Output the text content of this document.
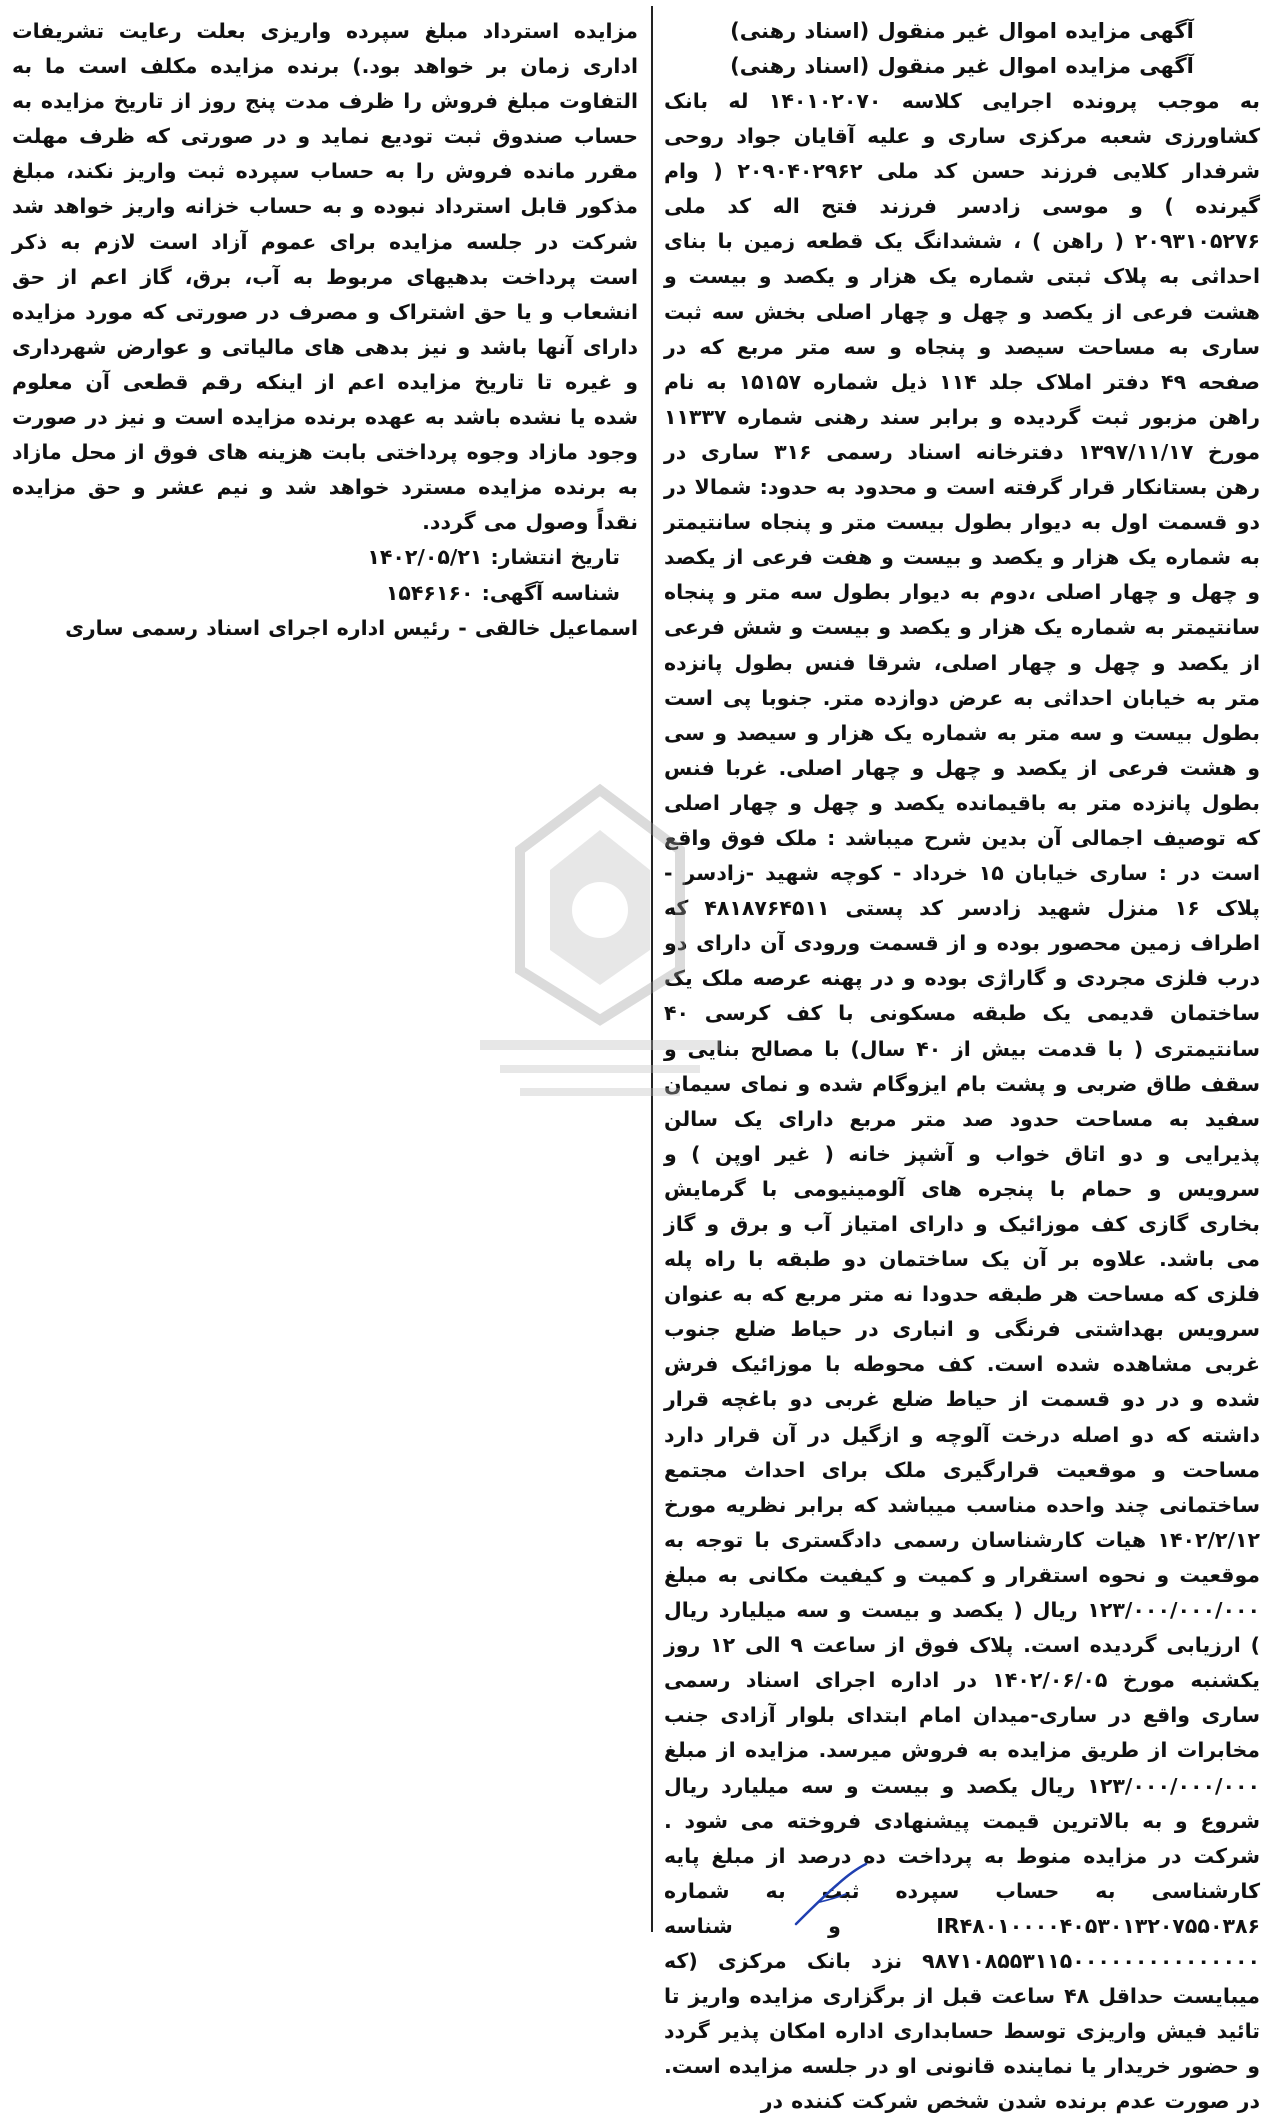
آگهی مزایده اموال غیر منقول (اسناد رهنی)
آگهی مزایده اموال غیر منقول (اسناد رهنی)
به موجب پرونده اجرایی کلاسه ۱۴۰۱۰۲۰۷۰ له بانک کشاورزی شعبه مرکزی ساری و علیه آقایان جواد روحی شرفدار کلایی فرزند حسن کد ملی ۲۰۹۰۴۰۲۹۶۲ ( وام گیرنده ) و موسی زادسر فرزند فتح اله کد ملی ۲۰۹۳۱۰۵۲۷۶ ( راهن ) ، ششدانگ یک قطعه زمین با بنای احداثی به پلاک ثبتی شماره یک هزار و یکصد و بیست و هشت فرعی از یکصد و چهل و چهار اصلی بخش سه ثبت ساری به مساحت سیصد و پنجاه و سه متر مربع که در صفحه ۴۹ دفتر املاک جلد ۱۱۴ ذیل شماره ۱۵۱۵۷ به نام راهن مزبور ثبت گردیده و برابر سند رهنی شماره ۱۱۳۳۷ مورخ ۱۳۹۷/۱۱/۱۷ دفترخانه اسناد رسمی ۳۱۶ ساری در رهن بستانکار قرار گرفته است و محدود به حدود: شمالا در دو قسمت اول به دیوار بطول بیست متر و پنجاه سانتیمتر به شماره یک هزار و یکصد و بیست و هفت فرعی از یکصد و چهل و چهار اصلی ،دوم به دیوار بطول سه متر و پنجاه سانتیمتر به شماره یک هزار و یکصد و بیست و شش فرعی از یکصد و چهل و چهار اصلی، شرقا فنس بطول پانزده متر به خیابان احداثی به عرض دوازده متر. جنوبا پی است بطول بیست و سه متر به شماره یک هزار و سیصد و سی و هشت فرعی از یکصد و چهل و چهار اصلی. غربا فنس بطول پانزده متر به باقیمانده یکصد و چهل و چهار اصلی که توصیف اجمالی آن بدین شرح میباشد : ملک فوق واقع است در : ساری خیابان ۱۵ خرداد - کوچه شهید -زادسر - پلاک ۱۶ منزل شهید زادسر کد پستی ۴۸۱۸۷۶۴۵۱۱ که اطراف زمین محصور بوده و از قسمت ورودی آن دارای دو درب فلزی مجردی و گاراژی بوده و در پهنه عرصه ملک یک ساختمان قدیمی یک طبقه مسکونی با کف کرسی ۴۰ سانتیمتری ( با قدمت بیش از ۴۰ سال) با مصالح بنایی و سقف طاق ضربی و پشت بام ایزوگام شده و نمای سیمان سفید به مساحت حدود صد متر مربع دارای یک سالن پذیرایی و دو اتاق خواب و آشپز خانه ( غیر اوپن ) و سرویس و حمام با پنجره های آلومینیومی با گرمایش بخاری گازی کف موزائیک و دارای امتیاز آب و برق و گاز می باشد. علاوه بر آن یک ساختمان دو طبقه با راه پله فلزی که مساحت هر طبقه حدودا نه متر مربع که به عنوان سرویس بهداشتی فرنگی و انباری در حیاط ضلع جنوب غربی مشاهده شده است. کف محوطه با موزائیک فرش شده و در دو قسمت از حیاط ضلع غربی دو باغچه قرار داشته که دو اصله درخت آلوچه و ازگیل در آن قرار دارد مساحت و موقعیت قرارگیری ملک برای احداث مجتمع ساختمانی چند واحده مناسب میباشد که برابر نظریه مورخ ۱۴۰۲/۲/۱۲ هیات کارشناسان رسمی دادگستری با توجه به موقعیت و نحوه استقرار و کمیت و کیفیت مکانی به مبلغ ۱۲۳/۰۰۰/۰۰۰/۰۰۰ ریال ( یکصد و بیست و سه میلیارد ریال ) ارزیابی گردیده است. پلاک فوق از ساعت ۹ الی ۱۲ روز یکشنبه مورخ ۱۴۰۲/۰۶/۰۵ در اداره اجرای اسناد رسمی ساری واقع در ساری-میدان امام ابتدای بلوار آزادی جنب مخابرات از طریق مزایده به فروش میرسد. مزایده از مبلغ ۱۲۳/۰۰۰/۰۰۰/۰۰۰ ریال یکصد و بیست و سه میلیارد ریال شروع و به بالاترین قیمت پیشنهادی فروخته می شود . شرکت در مزایده منوط به پرداخت ده درصد از مبلغ پایه کارشناسی به حساب سپرده ثبت به شماره IR۴۸۰۱۰۰۰۰۴۰۵۳۰۱۳۲۰۷۵۵۰۳۸۶ و شناسه ۹۸۷۱۰۸۵۵۳۱۱۵۰۰۰۰۰۰۰۰۰۰۰۰۰۰۰ نزد بانک مرکزی (که میبایست حداقل ۴۸ ساعت قبل از برگزاری مزایده واریز تا تائید فیش واریزی توسط حسابداری اداره امکان پذیر گردد و حضور خریدار یا نماینده قانونی او در جلسه مزایده است. در صورت عدم برنده شدن شخص شرکت کننده در
مزایده استرداد مبلغ سپرده واریزی بعلت رعایت تشریفات اداری زمان بر خواهد بود.) برنده مزایده مکلف است ما به التفاوت مبلغ فروش را ظرف مدت پنج روز از تاریخ مزایده به حساب صندوق ثبت تودیع نماید و در صورتی که ظرف مهلت مقرر مانده فروش را به حساب سپرده ثبت واریز نکند، مبلغ مذکور قابل استرداد نبوده و به حساب خزانه واریز خواهد شد شرکت در جلسه مزایده برای عموم آزاد است لازم به ذکر است پرداخت بدهیهای مربوط به آب، برق، گاز اعم از حق انشعاب و یا حق اشتراک و مصرف در صورتی که مورد مزایده دارای آنها باشد و نیز بدهی های مالیاتی و عوارض شهرداری و غیره تا تاریخ مزایده اعم از اینکه رقم قطعی آن معلوم شده یا نشده باشد به عهده برنده مزایده است و نیز در صورت وجود مازاد وجوه پرداختی بابت هزینه های فوق از محل مازاد به برنده مزایده مسترد خواهد شد و نیم عشر و حق مزایده نقداً وصول می گردد.
تاریخ انتشار: ۱۴۰۲/۰۵/۲۱
شناسه آگهی: ۱۵۴۶۱۶۰
اسماعیل خالقی - رئیس اداره اجرای اسناد رسمی ساری
